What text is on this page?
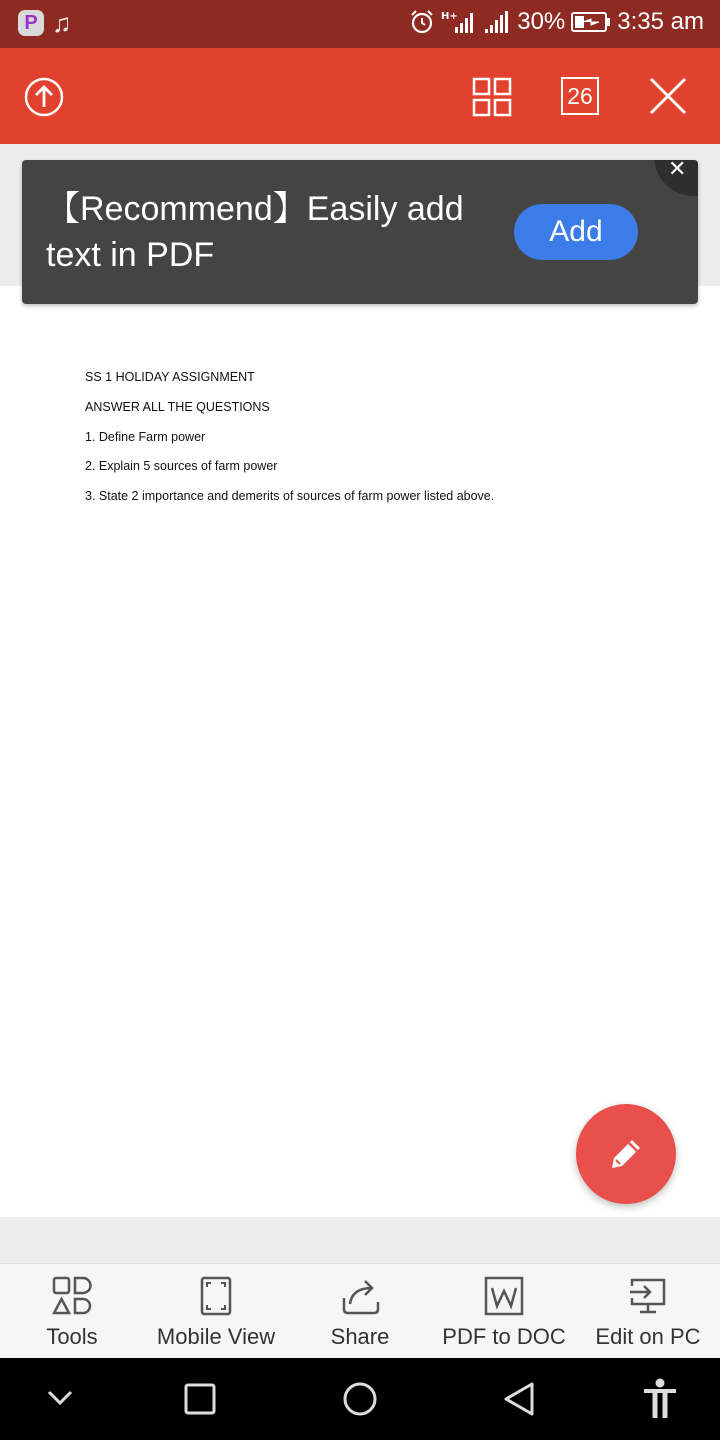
P ♫	H+ 30% 3:35 am
26
SS 1 HOLIDAY ASSIGNMENT
ANSWER ALL THE QUESTIONS
1. Define Farm power
2. Explain 5 sources of farm power
3. State 2 importance and demerits of sources of farm power listed above.
【Recommend】Easily add text in PDF
Add
✕
Tools	Mobile View	Share	PDF to DOC	Edit on PC
